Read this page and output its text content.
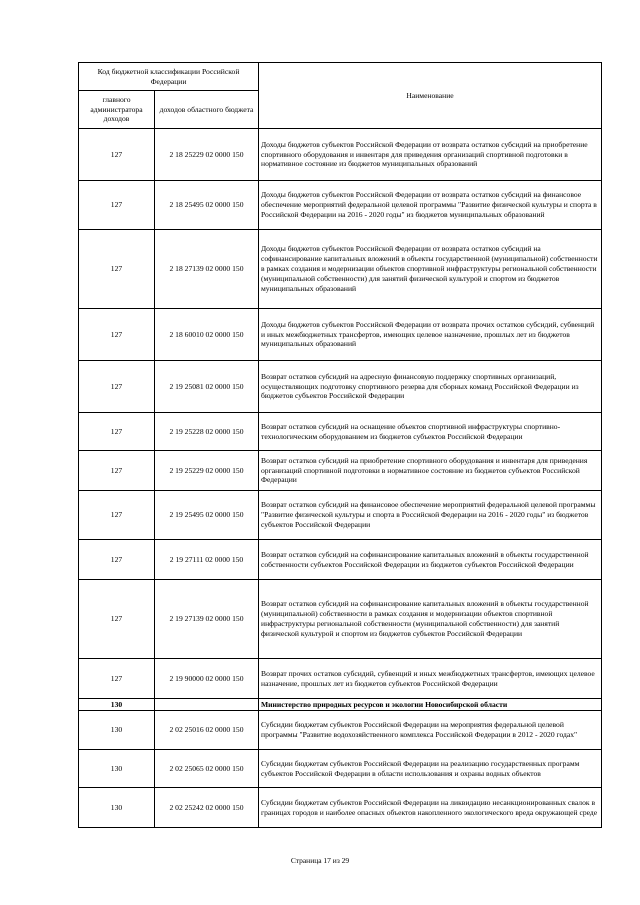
Код бюджетной классификации Российской Федерации		Наименование
главного администратора доходов	доходов областного бюджета	
127	2 18 25229 02 0000 150	Доходы бюджетов субъектов Российской Федерации от возврата остатков субсидий на приобретение спортивного оборудования и инвентаря для приведения организаций спортивной подготовки в нормативное состояние из бюджетов муниципальных образований
127	2 18 25495 02 0000 150	Доходы бюджетов субъектов Российской Федерации от возврата остатков субсидий на финансовое обеспечение мероприятий федеральной целевой программы "Развитие физической культуры и спорта в Российской Федерации на 2016 - 2020 годы" из бюджетов муниципальных образований
127	2 18 27139 02 0000 150	Доходы бюджетов субъектов Российской Федерации от возврата остатков субсидий на софинансирование капитальных вложений в объекты государственной (муниципальной) собственности в рамках создания и модернизации объектов спортивной инфраструктуры региональной собственности (муниципальной собственности) для занятий физической культурой и спортом из бюджетов муниципальных образований
127	2 18 60010 02 0000 150	Доходы бюджетов субъектов Российской Федерации от возврата прочих остатков субсидий, субвенций и иных межбюджетных трансфертов, имеющих целевое назначение, прошлых лет из бюджетов муниципальных образований
127	2 19 25081 02 0000 150	Возврат остатков субсидий на адресную финансовую поддержку спортивных организаций, осуществляющих подготовку спортивного резерва для сборных команд Российской Федерации из бюджетов субъектов Российской Федерации
127	2 19 25228 02 0000 150	Возврат остатков субсидий на оснащение объектов спортивной инфраструктуры спортивно-технологическим оборудованием из бюджетов субъектов Российской Федерации
127	2 19 25229 02 0000 150	Возврат остатков субсидий на приобретение спортивного оборудования и инвентаря для приведения организаций спортивной подготовки в нормативное состояние из бюджетов субъектов Российской Федерации
127	2 19 25495 02 0000 150	Возврат остатков субсидий на финансовое обеспечение мероприятий федеральной целевой программы "Развитие физической культуры и спорта в Российской Федерации на 2016 - 2020 годы" из бюджетов субъектов Российской Федерации
127	2 19 27111 02 0000 150	Возврат остатков субсидий на софинансирование капитальных вложений в объекты государственной собственности субъектов Российской Федерации из бюджетов субъектов Российской Федерации
127	2 19 27139 02 0000 150	Возврат остатков субсидий на софинансирование капитальных вложений в объекты государственной (муниципальной) собственности в рамках создания и модернизации объектов спортивной инфраструктуры региональной собственности (муниципальной собственности) для занятий физической культурой и спортом из бюджетов субъектов Российской Федерации
127	2 19 90000 02 0000 150	Возврат прочих остатков субсидий, субвенций и иных межбюджетных трансфертов, имеющих целевое назначение, прошлых лет из бюджетов субъектов Российской Федерации
130		Министерство природных ресурсов и экологии Новосибирской области
130	2 02 25016 02 0000 150	Субсидии бюджетам субъектов Российской Федерации на мероприятия федеральной целевой программы "Развитие водохозяйственного комплекса Российской Федерации в 2012 - 2020 годах"
130	2 02 25065 02 0000 150	Субсидии бюджетам субъектов Российской Федерации на реализацию государственных программ субъектов Российской Федерации в области использования и охраны водных объектов
130	2 02 25242 02 0000 150	Субсидии бюджетам субъектов Российской Федерации на ликвидацию несанкционированных свалок в границах городов и наиболее опасных объектов накопленного экологического вреда окружающей среде
Страница 17 из 29
